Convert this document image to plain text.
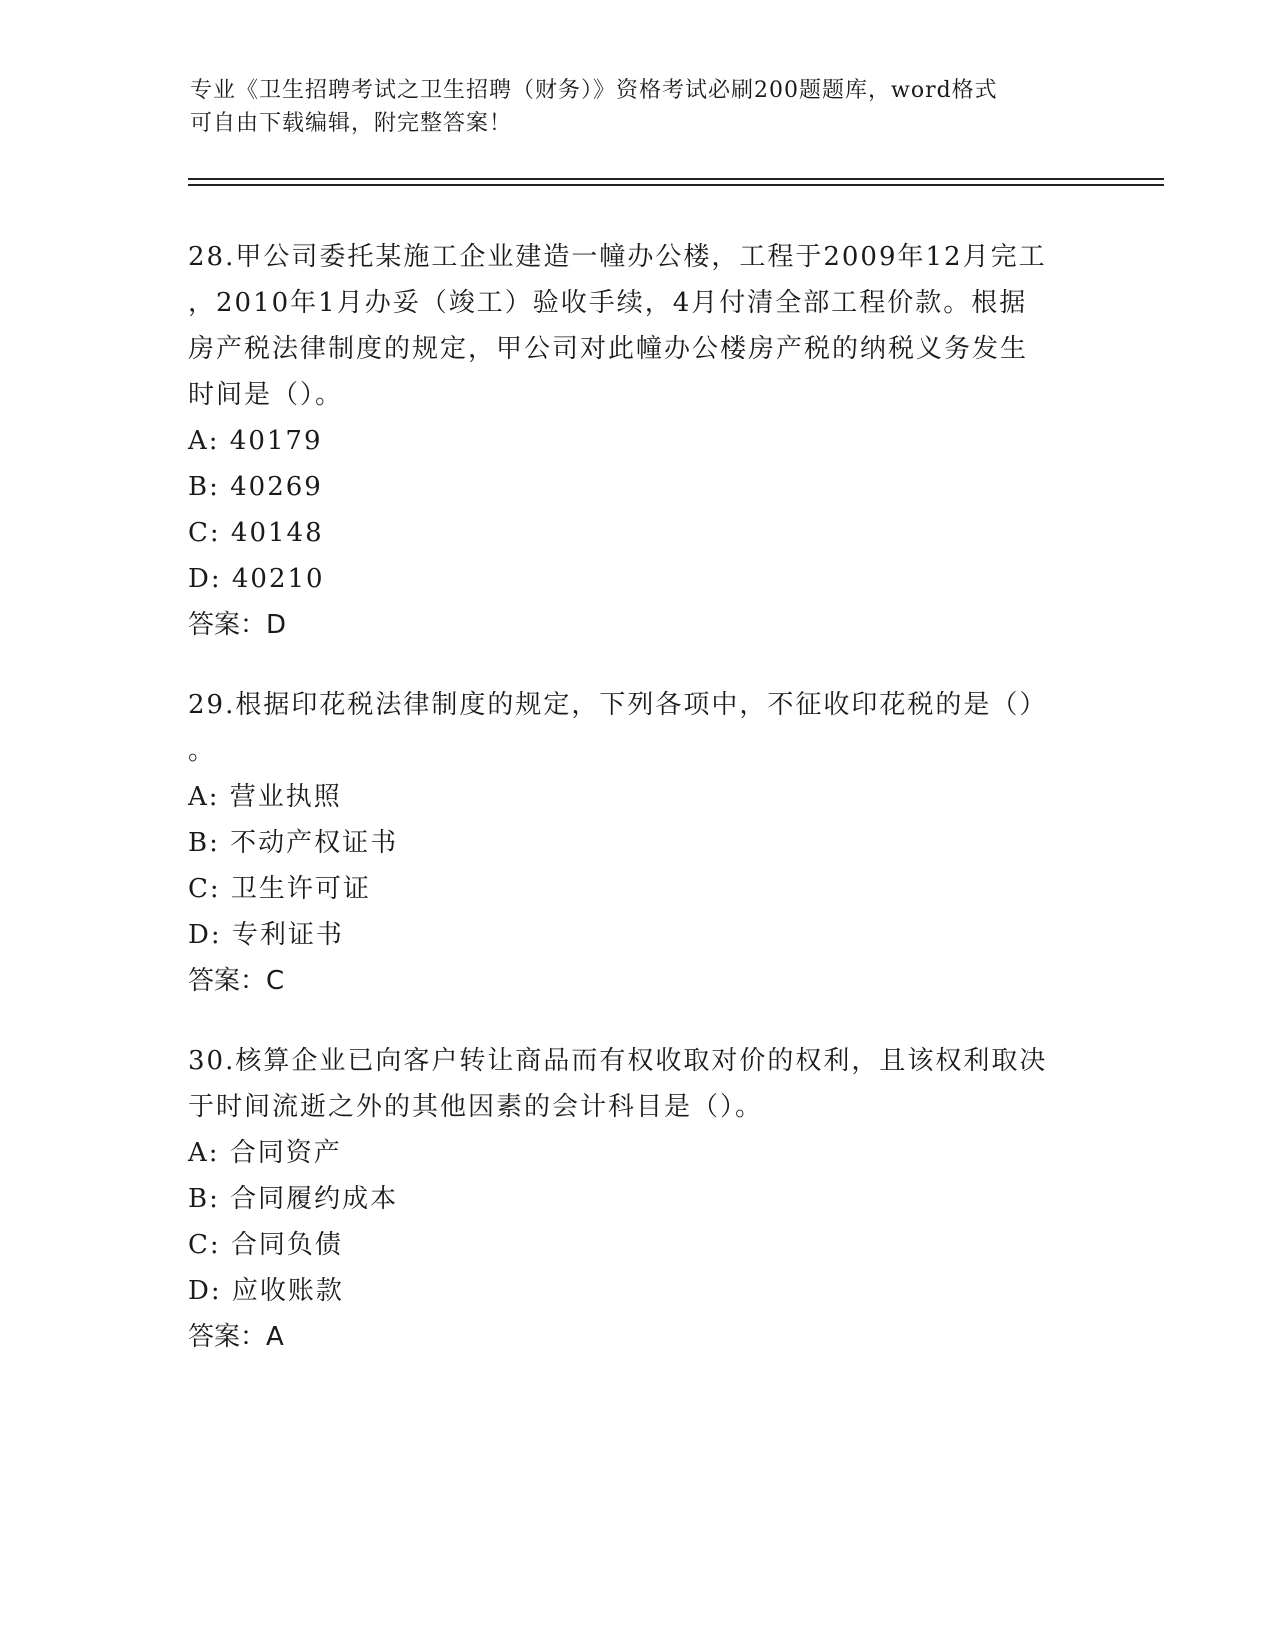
专业《卫生招聘考试之卫生招聘（财务）》资格考试必刷200题题库，word格式
可自由下载编辑，附完整答案！
28.甲公司委托某施工企业建造一幢办公楼，工程于2009年12月完工
，2010年1月办妥（竣工）验收手续，4月付清全部工程价款。根据
房产税法律制度的规定，甲公司对此幢办公楼房产税的纳税义务发生
时间是（）。
A: 40179
B: 40269
C: 40148
D: 40210
答案：D
29.根据印花税法律制度的规定，下列各项中，不征收印花税的是（）
。
A: 营业执照
B: 不动产权证书
C: 卫生许可证
D: 专利证书
答案：C
30.核算企业已向客户转让商品而有权收取对价的权利，且该权利取决
于时间流逝之外的其他因素的会计科目是（）。
A: 合同资产
B: 合同履约成本
C: 合同负债
D: 应收账款
答案：A
